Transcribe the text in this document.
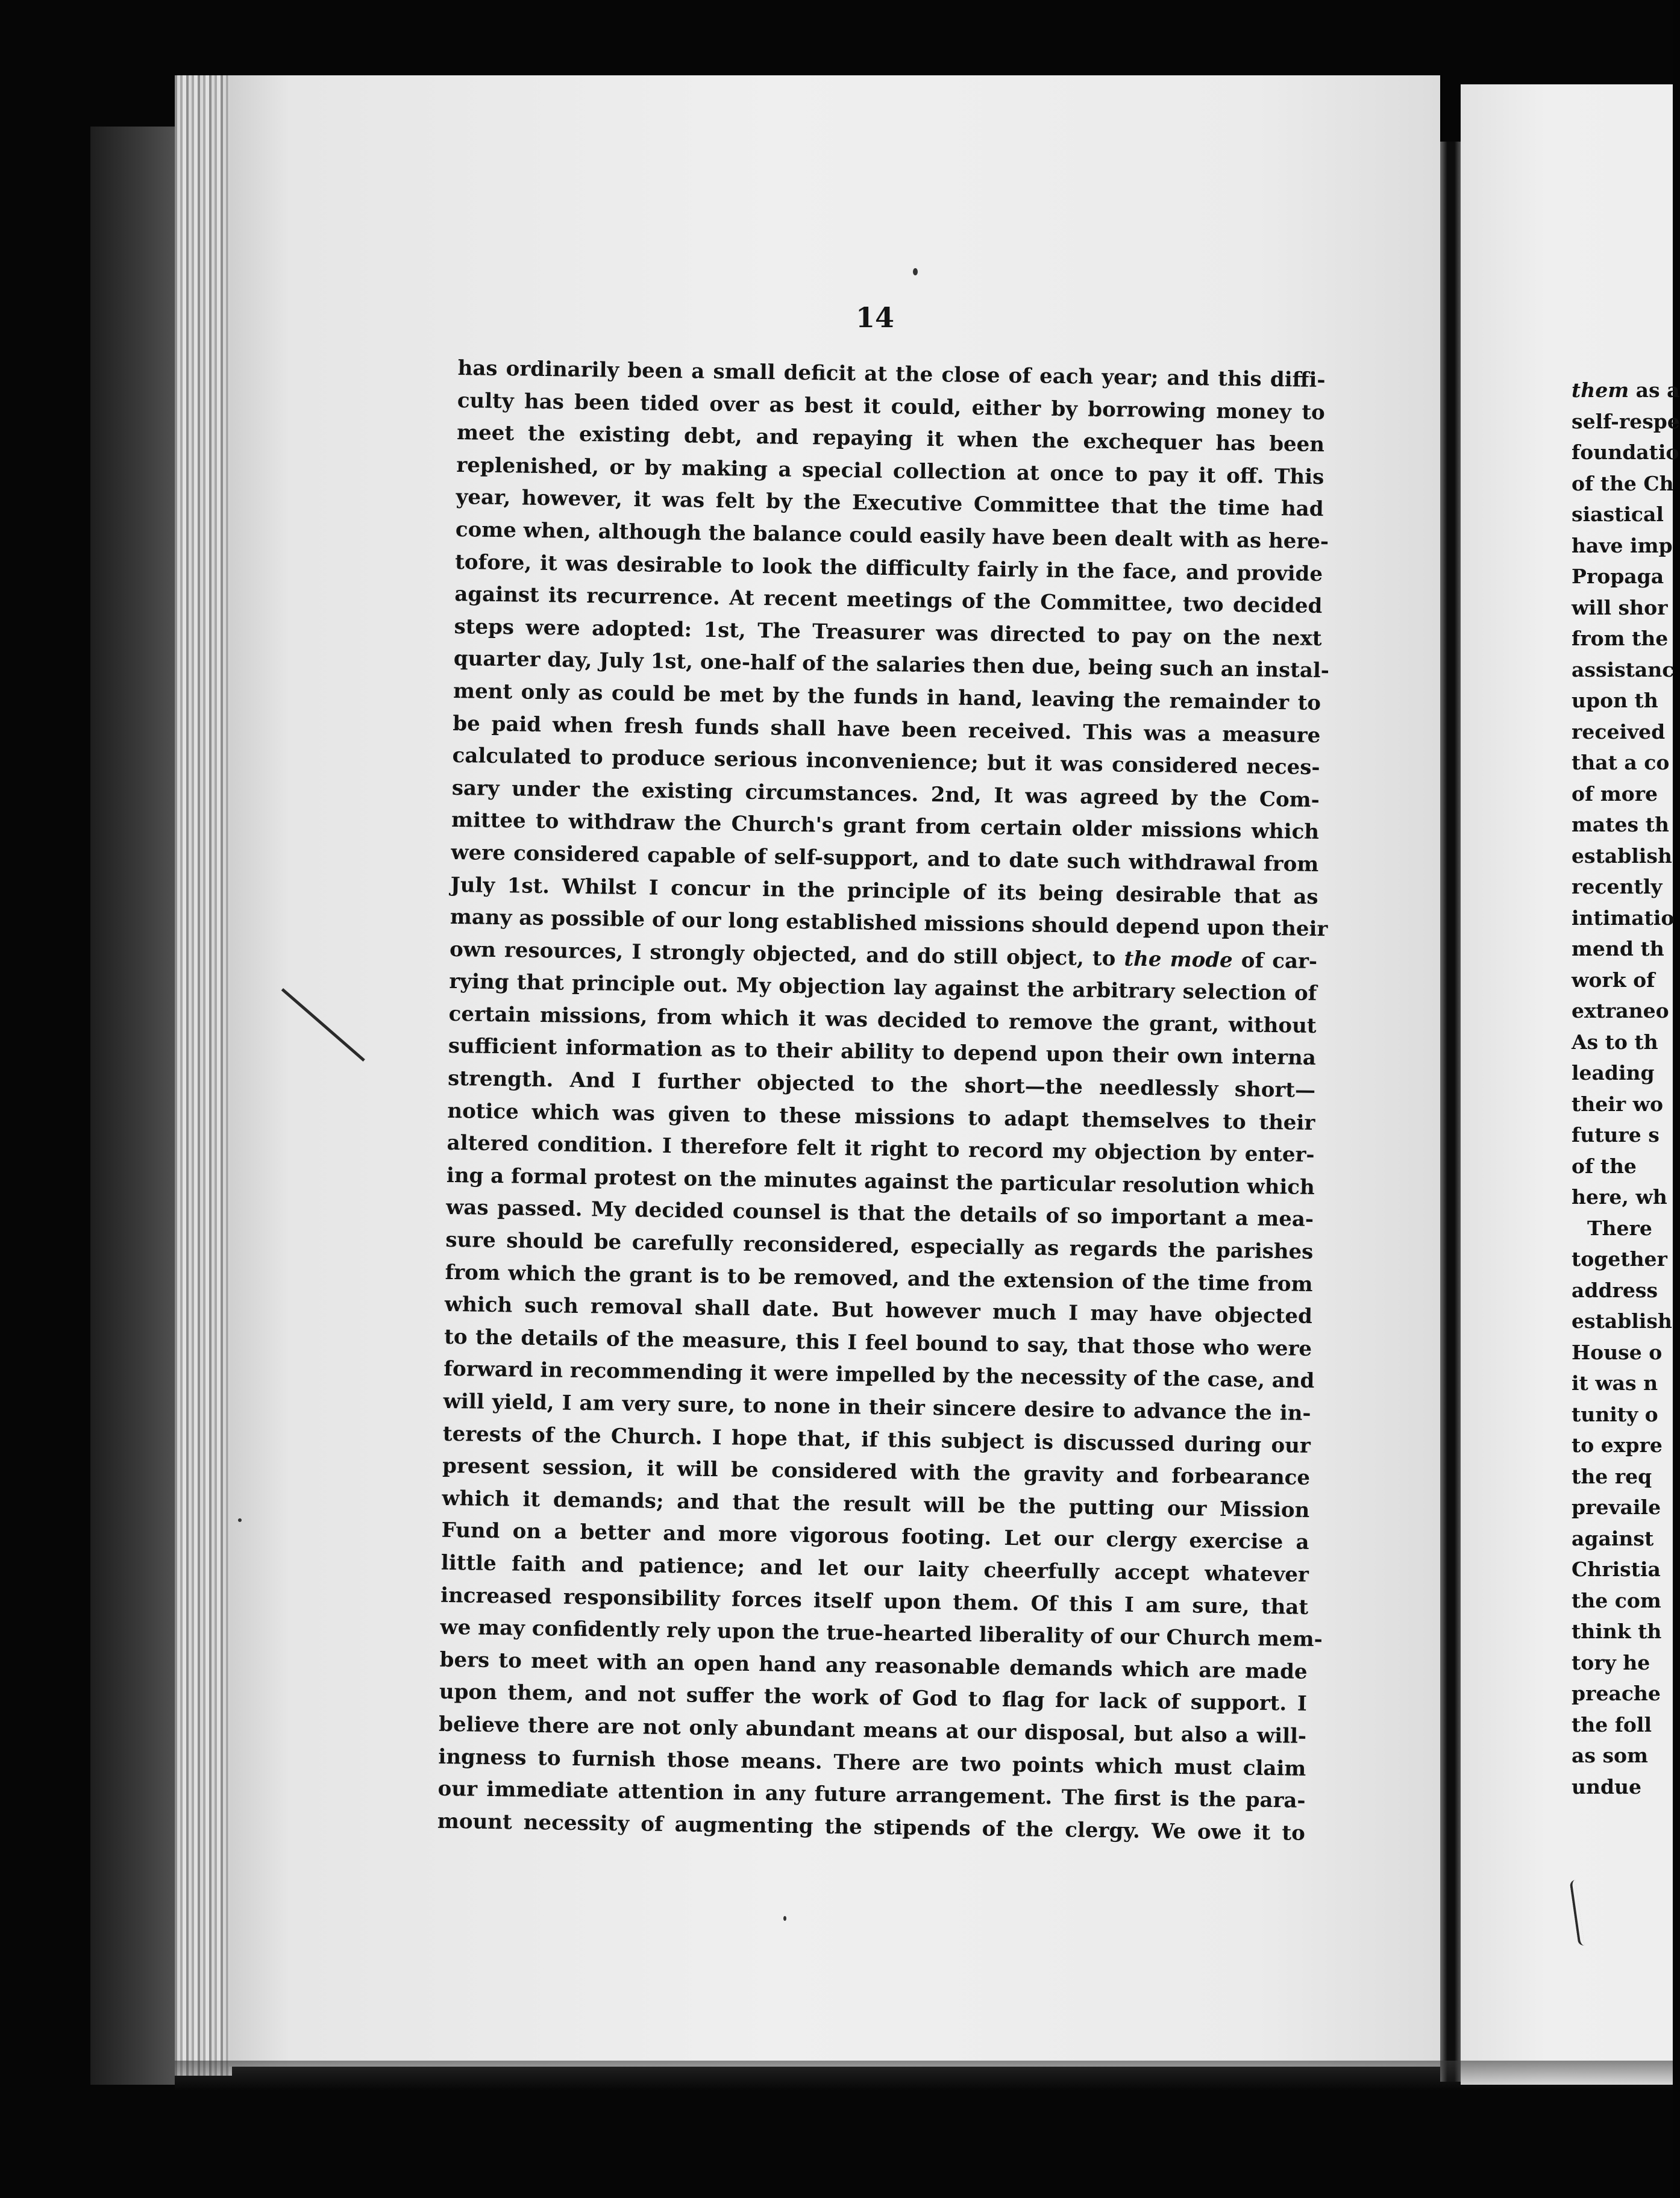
14
has ordinarily been a small deficit at the close of each year; and this diffi-
culty has been tided over as best it could, either by borrowing money to
meet the existing debt, and repaying it when the exchequer has been
replenished, or by making a special collection at once to pay it off. This
year, however, it was felt by the Executive Committee that the time had
come when, although the balance could easily have been dealt with as here-
tofore, it was desirable to look the difficulty fairly in the face, and provide
against its recurrence. At recent meetings of the Committee, two decided
steps were adopted: 1st, The Treasurer was directed to pay on the next
quarter day, July 1st, one-half of the salaries then due, being such an instal-
ment only as could be met by the funds in hand, leaving the remainder to
be paid when fresh funds shall have been received. This was a measure
calculated to produce serious inconvenience; but it was considered neces-
sary under the existing circumstances. 2nd, It was agreed by the Com-
mittee to withdraw the Church's grant from certain older missions which
were considered capable of self-support, and to date such withdrawal from
July 1st. Whilst I concur in the principle of its being desirable that as
many as possible of our long established missions should depend upon their
own resources, I strongly objected, and do still object, to the mode of car-
rying that principle out. My objection lay against the arbitrary selection of
certain missions, from which it was decided to remove the grant, without
sufficient information as to their ability to depend upon their own interna
strength. And I further objected to the short—the needlessly short—
notice which was given to these missions to adapt themselves to their
altered condition. I therefore felt it right to record my objection by enter-
ing a formal protest on the minutes against the particular resolution which
was passed. My decided counsel is that the details of so important a mea-
sure should be carefully reconsidered, especially as regards the parishes
from which the grant is to be removed, and the extension of the time from
which such removal shall date. But however much I may have objected
to the details of the measure, this I feel bound to say, that those who were
forward in recommending it were impelled by the necessity of the case, and
will yield, I am very sure, to none in their sincere desire to advance the in-
terests of the Church. I hope that, if this subject is discussed during our
present session, it will be considered with the gravity and forbearance
which it demands; and that the result will be the putting our Mission
Fund on a better and more vigorous footing. Let our clergy exercise a
little faith and patience; and let our laity cheerfully accept whatever
increased responsibility forces itself upon them. Of this I am sure, that
we may confidently rely upon the true-hearted liberality of our Church mem-
bers to meet with an open hand any reasonable demands which are made
upon them, and not suffer the work of God to flag for lack of support. I
believe there are not only abundant means at our disposal, but also a will-
ingness to furnish those means. There are two points which must claim
our immediate attention in any future arrangement. The first is the para-
mount necessity of augmenting the stipends of the clergy. We owe it to
them as a
self-respe
foundatio
of the Ch
siastical
have imp
Propaga
will shor
from the
assistanc
upon th
received
that a co
of more
mates th
establish
recently
intimatio
mend th
work of
extraneo
As to th
leading
their wo
future s
of the
here, wh
There
together
address
establish
House o
it was n
tunity o
to expre
the req
prevaile
against
Christia
the com
think th
tory he
preache
the foll
as som
undue
